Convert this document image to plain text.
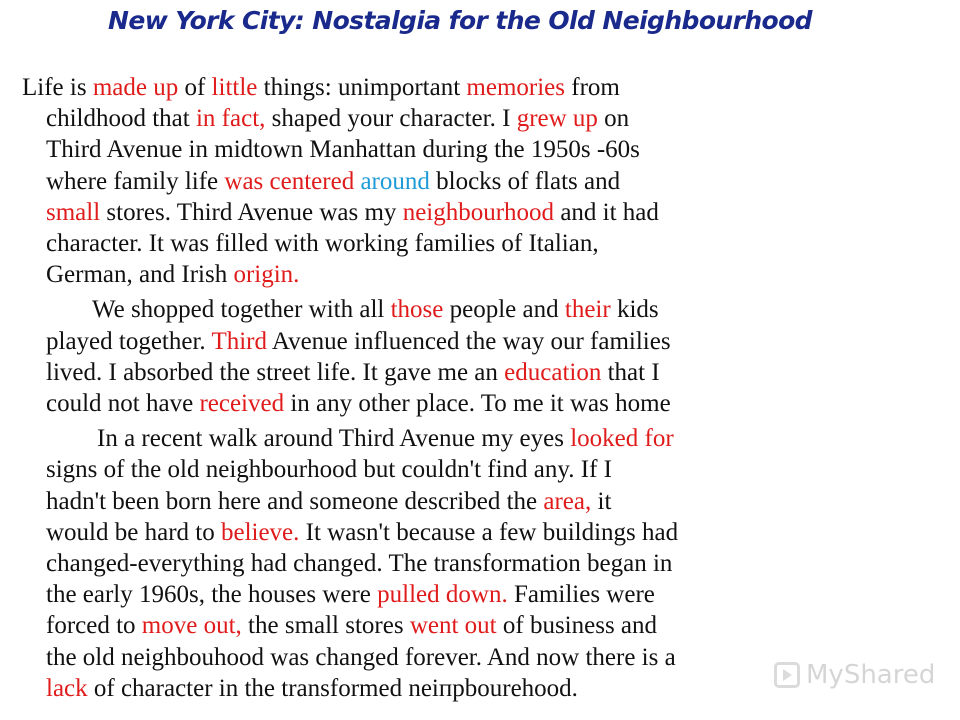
New York City: Nostalgia for the Old Neighbourhood

Life is made up of little things: unimportant memories from
childhood that in fact, shaped your character. I grew up on
Third Avenue in midtown Manhattan during the 1950s -60s
where family life was centered around blocks of flats and
small stores. Third Avenue was my neighbourhood and it had
character. It was filled with working families of Italian,
German, and Irish origin.

We shopped together with all those people and their kids
played together. Third Avenue influenced the way our families
lived. I absorbed the street life. It gave me an education that I
could not have received in any other place. To me it was home

In a recent walk around Third Avenue my eyes looked for
signs of the old neighbourhood but couldn't find any. If I
hadn't been born here and someone described the area, it
would be hard to believe. It wasn't because a few buildings had
changed-everything had changed. The transformation began in
the early 1960s, the houses were pulled down. Families were
forced to move out, the small stores went out of business and
the old neighbouhood was changed forever. And now there is a
lack of character in the transformed neiпрbourehood.	MyShared
